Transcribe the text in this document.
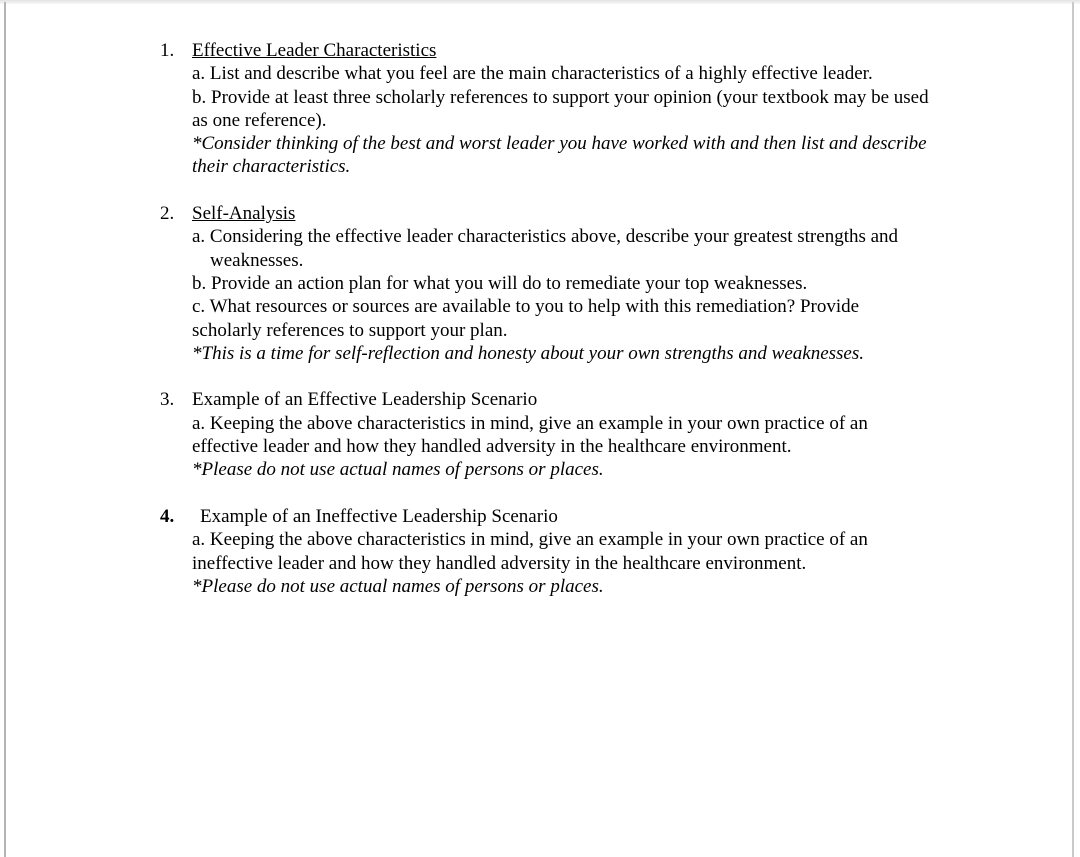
1. Effective Leader Characteristics
a. List and describe what you feel are the main characteristics of a highly effective leader.
b. Provide at least three scholarly references to support your opinion (your textbook may be used
as one reference).
*Consider thinking of the best and worst leader you have worked with and then list and describe
their characteristics.
2. Self-Analysis
a. Considering the effective leader characteristics above, describe your greatest strengths and
weaknesses.
b. Provide an action plan for what you will do to remediate your top weaknesses.
c. What resources or sources are available to you to help with this remediation? Provide
scholarly references to support your plan.
*This is a time for self-reflection and honesty about your own strengths and weaknesses.
3. Example of an Effective Leadership Scenario
a. Keeping the above characteristics in mind, give an example in your own practice of an
effective leader and how they handled adversity in the healthcare environment.
*Please do not use actual names of persons or places.
4.	Example of an Ineffective Leadership Scenario
a. Keeping the above characteristics in mind, give an example in your own practice of an
ineffective leader and how they handled adversity in the healthcare environment.
*Please do not use actual names of persons or places.
